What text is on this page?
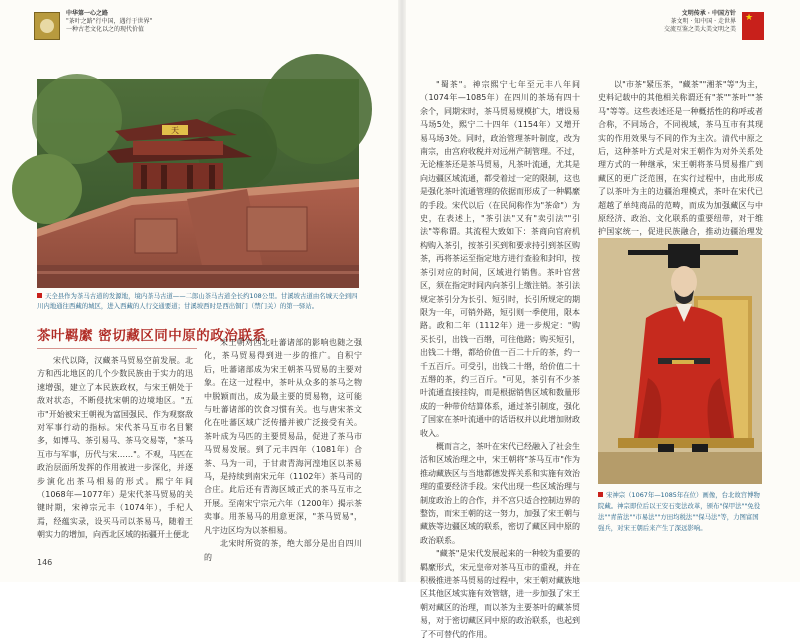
中华第一心之路
"茶叶之路"行中国，遇行于世界"
一种古老文化以之的现代价值
文明传承 · 中国方针
茶文明 · 知中国 · 走世界
交流互鉴之美大美文明之美
★
天
天全县作为茶马古道的发源地，境内茶马古道——二郎山茶马古道全长约108公里。甘溪坡古道由名城天全到四川内地通往西藏的城区，进入西藏的人行交通要道；甘溪坡西时是西出铜门（禁门关）的第一驿站。
茶叶羁縻 密切藏区同中原的政治联系

宋代以降，汉藏茶马贸易空前发展。北方和西北地区的几个少数民族由于实力的迅速增强，建立了本民族政权，与宋王朝处于敌对状态，不断侵扰宋朝的边境地区。"五市"开始被宋王朝视为富国强民、作为观察敌对军事行动的指标。宋代茶马互市名目繁多，如博马、茶引易马、茶马交易等，"茶马互市与军事，历代与宋……"。不观，马匹在政治层面所发挥的作用被进一步深化，并逐步演化出茶马相易的形式。熙宁年间（1068年—1077年）是宋代茶马贸易的关键时期，宋神宗元丰（1074年），手杞人焉，经蕴实录，设买马司以茶易马，随着王朝实力的增加，向西北区域的拓疆开土便北

宋王朝对西北吐蕃诸部的影响也随之强化，茶马贸易得到进一步的推广。自积宁后，吐蕃诸部成为宋王朝茶马贸易的主要对象。在这一过程中，茶叶从众多的茶马之物中脱颖而出，成为最主要的贸易物，这可能与吐蕃诸部的饮食习惯有关。也与唐宋茶文化在吐蕃区域广泛传播并被广泛接受有关。茶叶成为马匹的主要贸易品，促进了茶马市马贸易发展。到了元丰四年（1081年）合茶、马为一司，于甘肃青海河湟地区以茶易马，是持续到南宋元年（1102年）茶马司的合庄。此后还有青海区域正式的茶马互市之开展。至南宋宁宗元六年（1200年）揭示茶卖事。用茶易马的用意更深，"茶马贸易"，凡宇边区均为以茶相易。

北宋时所资的茶，绝大部分是出自四川的

"蜀茶"。神宗熙宁七年至元丰八年间（1074年—1085年）在四川的茶场有四十余个，同期宋时，茶马贸易规模扩大，增设易马场5处，熙宁二十四年（1154年）又增开易马场3处。同时，政治管理茶叶制度，改为南宗，由宫府收税并对远州产制管理。不过，无论榷茶还是茶马贸易，凡茶叶流通，尤其是向边疆区域流通，都受着过一定的限制，这也是强化茶叶流通管理的依据而形成了一种羁縻的手段。宋代以后（在民间称作为"茶命"）为史，在表述上，"茶引法"又有"卖引法""引法"等称谓。其流程大致如下：茶商向官府机构购入茶引，按茶引买到和要求持引到茶区购茶，再将茶运至指定地方进行查验和封印，按茶引对应的时间，区域进行销售。茶叶官营区，须在指定时间内向茶引上缴注销。茶引法规定茶引分为长引、短引时，长引所规定的期限为一年，可销外路，短引则一季使用，限本路。政和二年（1112年）进一步规定："购买长引，出钱一百缗，可往他路；购买短引，出钱二十缗，都给价值一百二十斤的茶，约一千五百斤。可受引，出钱二十缗，给价值二十五缗的茶，约三百斤。"可见，茶引有不少茶叶流通直接挂钩，而是根据销售区域和数量形成的一种带价结算体系，通过茶引制度，强化了国家在茶叶流通中的话语权并以此增加财政收入。

概而言之，茶叶在宋代已经融入了社会生活和区域治理之中，宋王朝将"茶马互市"作为推动藏族区与当地都德发挥关系和实施有效治理的重要经济手段。宋代出现一些区域治理与制度政治上的合作，并不宫只适合控制边界的整饬，而宋王朝的这一努力，加强了宋王朝与藏族等边疆区域的联系，密切了藏区同中原的政治联系。

"藏茶"是宋代发展起来的一种较为重要的羁縻形式，宋元皇帝对茶马互市的重视，并在积极推进茶马贸易的过程中，宋王朝对藏族地区其他区域实施有效管辖，进一步加强了宋王朝对藏区的治理，而以茶为主要茶叶的藏茶贸易，对于密切藏区同中原的政治联系，也起到了不可替代的作用。

以"市茶"紧压茶，"藏茶""湘茶"等"为主，史料记载中的其他相关称谓还有"茶""茶叶""茶马"等等。这些表述还是一种概括性的称呼或者合称，不同场合，不同视域，茶马互市有其现实的作用效果与不同的作为主次。清代中原之后，这种茶叶方式是对宋王朝作为对外关系处理方式的一种继承，宋王朝将茶马贸易推广到藏区的更广泛范围，在实行过程中，由此形成了以茶叶为主的边疆治理模式，茶叶在宋代已超越了单纯商品的范畴，而成为加强藏区与中原经济、政治、文化联系的重要纽带，对于维护国家统一，促进民族融合，推动边疆治理发

宋神宗（1067年—1085年在位）画像，台北故宫博物院藏。神宗即位后以王安石变法改革，颁布"保甲法""免役法""青苗法""市易法""方田均税法""保马法"等，力图富国强兵，对宋王朝后来产生了深远影响。
146
